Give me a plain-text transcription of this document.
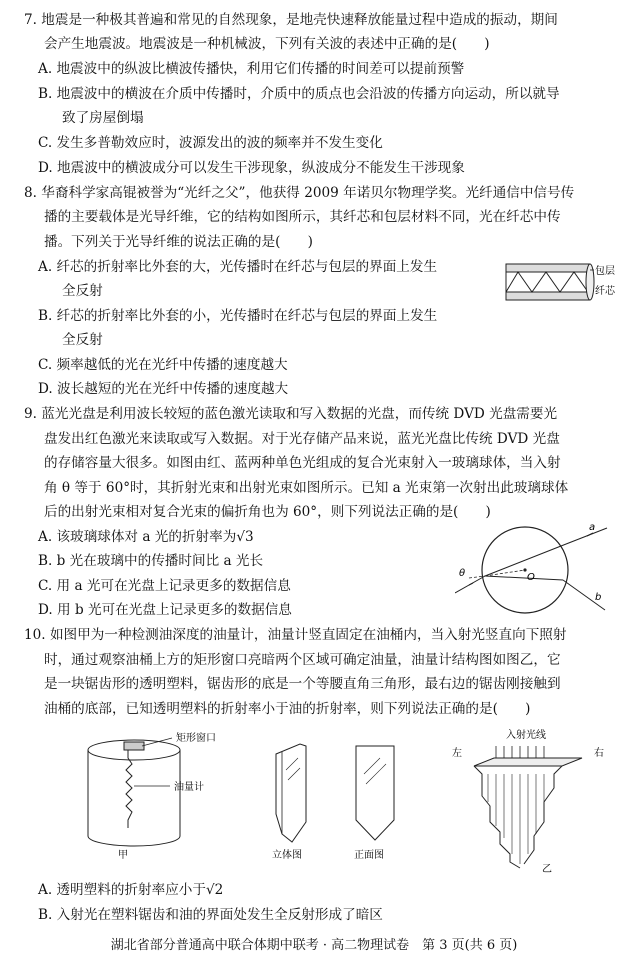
7. 地震是一种极其普遍和常见的自然现象，是地壳快速释放能量过程中造成的振动，期间
会产生地震波。地震波是一种机械波，下列有关波的表述中正确的是(　　)
A. 地震波中的纵波比横波传播快，利用它们传播的时间差可以提前预警
B. 地震波中的横波在介质中传播时，介质中的质点也会沿波的传播方向运动，所以就导
致了房屋倒塌
C. 发生多普勒效应时，波源发出的波的频率并不发生变化
D. 地震波中的横波成分可以发生干涉现象，纵波成分不能发生干涉现象
8. 华裔科学家高锟被誉为“光纤之父”，他获得 2009 年诺贝尔物理学奖。光纤通信中信号传
播的主要载体是光导纤维，它的结构如图所示，其纤芯和包层材料不同，光在纤芯中传
播。下列关于光导纤维的说法正确的是(　　)
A. 纤芯的折射率比外套的大，光传播时在纤芯与包层的界面上发生
全反射
B. 纤芯的折射率比外套的小，光传播时在纤芯与包层的界面上发生
全反射
C. 频率越低的光在光纤中传播的速度越大
D. 波长越短的光在光纤中传播的速度越大
包层
纤芯
9. 蓝光光盘是利用波长较短的蓝色激光读取和写入数据的光盘，而传统 DVD 光盘需要光
盘发出红色激光来读取或写入数据。对于光存储产品来说，蓝光光盘比传统 DVD 光盘
的存储容量大很多。如图由红、蓝两种单色光组成的复合光束射入一玻璃球体，当入射
角 θ 等于 60°时，其折射光束和出射光束如图所示。已知 a 光束第一次射出此玻璃球体
后的出射光束相对复合光束的偏折角也为 60°，则下列说法正确的是(　　)
A. 该玻璃球体对 a 光的折射率为√3
B. b 光在玻璃中的传播时间比 a 光长
C. 用 a 光可在光盘上记录更多的数据信息
D. 用 b 光可在光盘上记录更多的数据信息
a
b
θ	O
10. 如图甲为一种检测油深度的油量计，油量计竖直固定在油桶内，当入射光竖直向下照射
时，通过观察油桶上方的矩形窗口亮暗两个区域可确定油量，油量计结构图如图乙，它
是一块锯齿形的透明塑料，锯齿形的底是一个等腰直角三角形，最右边的锯齿刚接触到
油桶的底部，已知透明塑料的折射率小于油的折射率，则下列说法正确的是(　　)
矩形窗口
油量计
甲	立体图	正面图
入射光线
左	右
乙
A. 透明塑料的折射率应小于√2
B. 入射光在塑料锯齿和油的界面处发生全反射形成了暗区
湖北省部分普通高中联合体期中联考 · 高二物理试卷　第 3 页(共 6 页)
